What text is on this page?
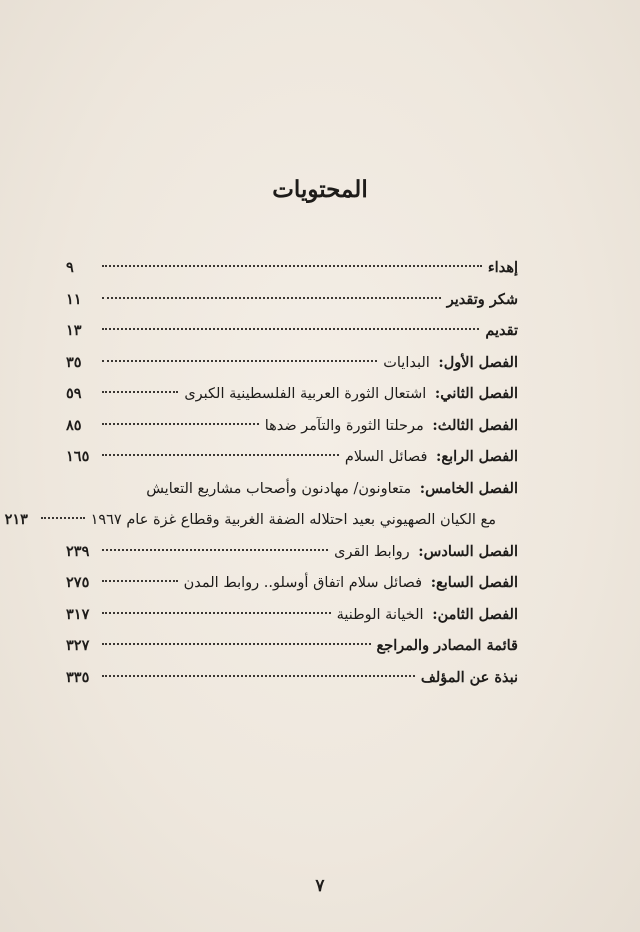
المحتويات
إهداء
٩
شكر وتقدير
١١
تقديم
١٣
الفصل الأول: البدايات
٣٥
الفصل الثاني: اشتعال الثورة العربية الفلسطينية الكبرى
٥٩
الفصل الثالث: مرحلتا الثورة والتآمر ضدها
٨٥
الفصل الرابع: فصائل السلام
١٦٥
الفصل الخامس: متعاونون/ مهادنون وأصحاب مشاريع التعايش
مع الكيان الصهيوني بعيد احتلاله الضفة الغربية وقطاع غزة عام ١٩٦٧
٢١٣
الفصل السادس: روابط القرى
٢٣٩
الفصل السابع: فصائل سلام اتفاق أوسلو.. روابط المدن
٢٧٥
الفصل الثامن: الخيانة الوطنية
٣١٧
قائمة المصادر والمراجع
٣٢٧
نبذة عن المؤلف
٣٣٥
٧
